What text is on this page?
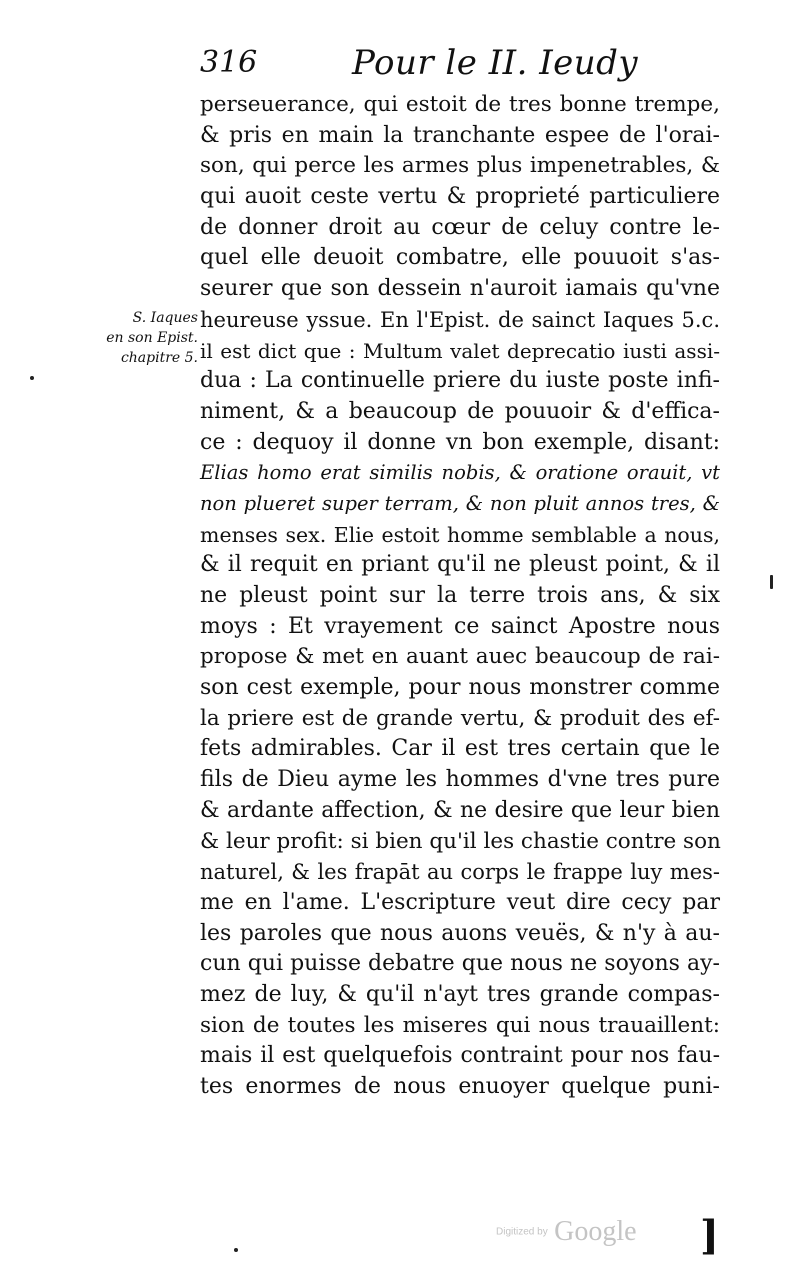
316	Pour le II. Ieudy
S. Iaques
en son Epist.
chapitre 5.
perseuerance, qui estoit de tres bonne trempe,
& pris en main la tranchante espee de l'orai-
son, qui perce les armes plus impenetrables, &
qui auoit ceste vertu & proprieté particuliere
de donner droit au cœur de celuy contre le-
quel elle deuoit combatre, elle pouuoit s'as-
seurer que son dessein n'auroit iamais qu'vne
heureuse yssue. En l'Epist. de sainct Iaques 5.c.
il est dict que : Multum valet deprecatio iusti assi-
dua : La continuelle priere du iuste poste infi-
niment, & a beaucoup de pouuoir & d'effica-
ce : dequoy il donne vn bon exemple, disant:
Elias homo erat similis nobis, & oratione orauit, vt
non plueret super terram, & non pluit annos tres, &
menses sex. Elie estoit homme semblable a nous,
& il requit en priant qu'il ne pleust point, & il
ne pleust point sur la terre trois ans, & six
moys : Et vrayement ce sainct Apostre nous
propose & met en auant auec beaucoup de rai-
son cest exemple, pour nous monstrer comme
la priere est de grande vertu, & produit des ef-
fets admirables. Car il est tres certain que le
fils de Dieu ayme les hommes d'vne tres pure
& ardante affection, & ne desire que leur bien
& leur profit: si bien qu'il les chastie contre son
naturel, & les frapāt au corps le frappe luy mes-
me en l'ame. L'escripture veut dire cecy par
les paroles que nous auons veuës, & n'y à au-
cun qui puisse debatre que nous ne soyons ay-
mez de luy, & qu'il n'ayt tres grande compas-
sion de toutes les miseres qui nous trauaillent:
mais il est quelquefois contraint pour nos fau-
tes enormes de nous enuoyer quelque puni-
Digitized by Google ]
